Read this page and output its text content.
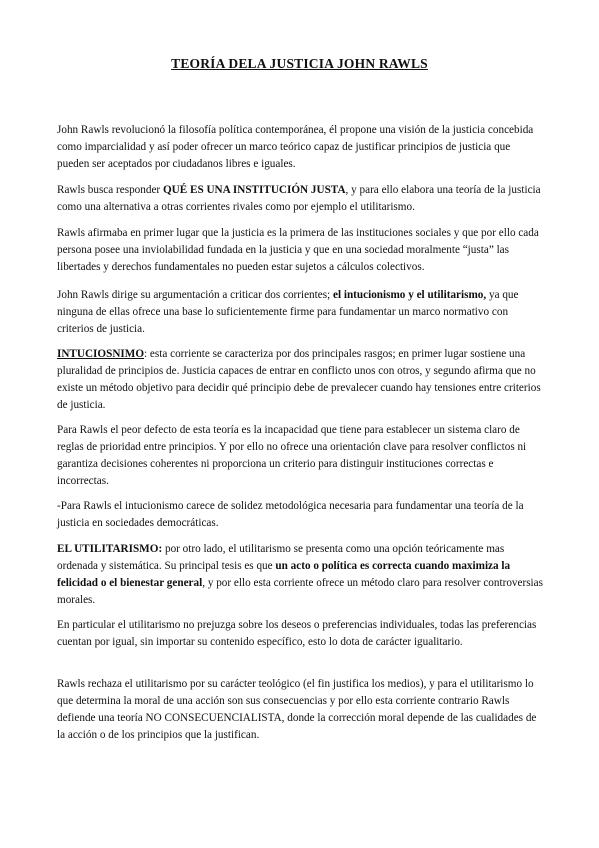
TEORÍA DELA JUSTICIA JOHN RAWLS

John Rawls revolucionó la filosofía política contemporánea, él propone una visión de la justicia concebida como imparcialidad y así poder ofrecer un marco teórico capaz de justificar principios de justicia que pueden ser aceptados por ciudadanos libres e iguales.

Rawls busca responder QUÉ ES UNA INSTITUCIÓN JUSTA, y para ello elabora una teoría de la justicia como una alternativa a otras corrientes rivales como por ejemplo el utilitarismo.

Rawls afirmaba en primer lugar que la justicia es la primera de las instituciones sociales y que por ello cada persona posee una inviolabilidad fundada en la justicia y que en una sociedad moralmente “justa” las libertades y derechos fundamentales no pueden estar sujetos a cálculos colectivos.

John Rawls dirige su argumentación a criticar dos corrientes; el intucionismo y el utilitarismo, ya que ninguna de ellas ofrece una base lo suficientemente firme para fundamentar un marco normativo con criterios de justicia.

INTUCIOSNIMO: esta corriente se caracteriza por dos principales rasgos; en primer lugar sostiene una pluralidad de principios de. Justicia capaces de entrar en conflicto unos con otros, y segundo afirma que no existe un método objetivo para decidir qué principio debe de prevalecer cuando hay tensiones entre criterios de justicia.

Para Rawls el peor defecto de esta teoría es la incapacidad que tiene para establecer un sistema claro de reglas de prioridad entre principios. Y por ello no ofrece una orientación clave para resolver conflictos ni garantiza decisiones coherentes ni proporciona un criterio para distinguir instituciones correctas e incorrectas.

-Para Rawls el intucionismo carece de solidez metodológica necesaria para fundamentar una teoría de la justicia en sociedades democráticas.

EL UTILITARISMO: por otro lado, el utilitarismo se presenta como una opción teóricamente mas ordenada y sistemática. Su principal tesis es que un acto o política es correcta cuando maximiza la felicidad o el bienestar general, y por ello esta corriente ofrece un método claro para resolver controversias morales.

En particular el utilitarismo no prejuzga sobre los deseos o preferencias individuales, todas las preferencias cuentan por igual, sin importar su contenido específico, esto lo dota de carácter igualitario.

Rawls rechaza el utilitarismo por su carácter teológico (el fin justifica los medios), y para el utilitarismo lo que determina la moral de una acción son sus consecuencias y por ello esta corriente contrario Rawls defiende una teoría NO CONSECUENCIALISTA, donde la corrección moral depende de las cualidades de la acción o de los principios que la justifican.
